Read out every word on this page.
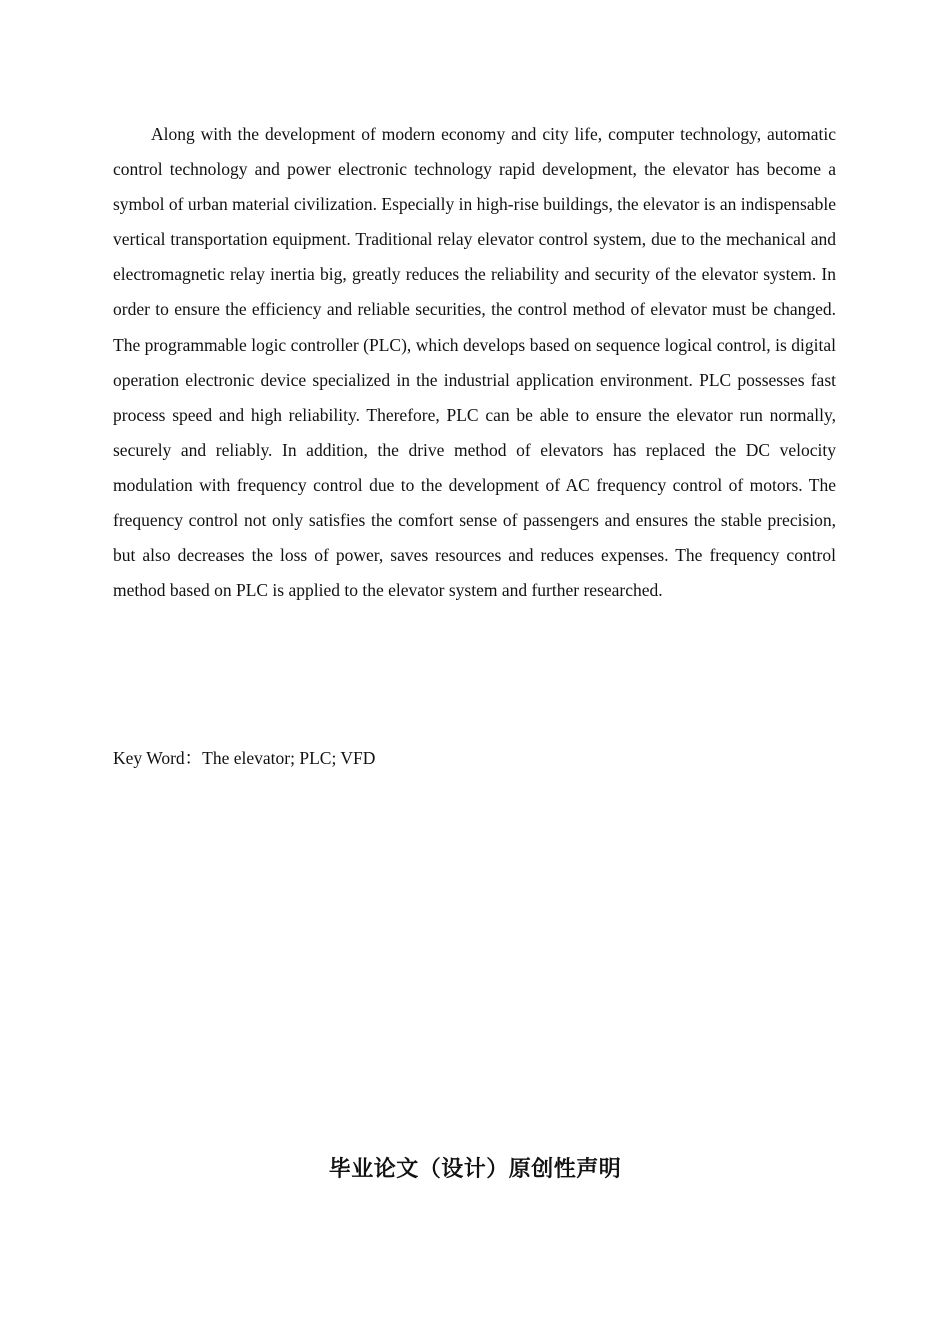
Along with the development of modern economy and city life, computer technology, automatic control technology and power electronic technology rapid development, the elevator has become a symbol of urban material civilization. Especially in high-rise buildings, the elevator is an indispensable vertical transportation equipment. Traditional relay elevator control system, due to the mechanical and electromagnetic relay inertia big, greatly reduces the reliability and security of the elevator system. In order to ensure the efficiency and reliable securities, the control method of elevator must be changed. The programmable logic controller (PLC), which develops based on sequence logical control, is digital operation electronic device specialized in the industrial application environment. PLC possesses fast process speed and high reliability. Therefore, PLC can be able to ensure the elevator run normally, securely and reliably. In addition, the drive method of elevators has replaced the DC velocity modulation with frequency control due to the development of AC frequency control of motors. The frequency control not only satisfies the comfort sense of passengers and ensures the stable precision, but also decreases the loss of power, saves resources and reduces expenses. The frequency control method based on PLC is applied to the elevator system and further researched.

Key Word：The elevator; PLC; VFD
毕业论文（设计）原创性声明
